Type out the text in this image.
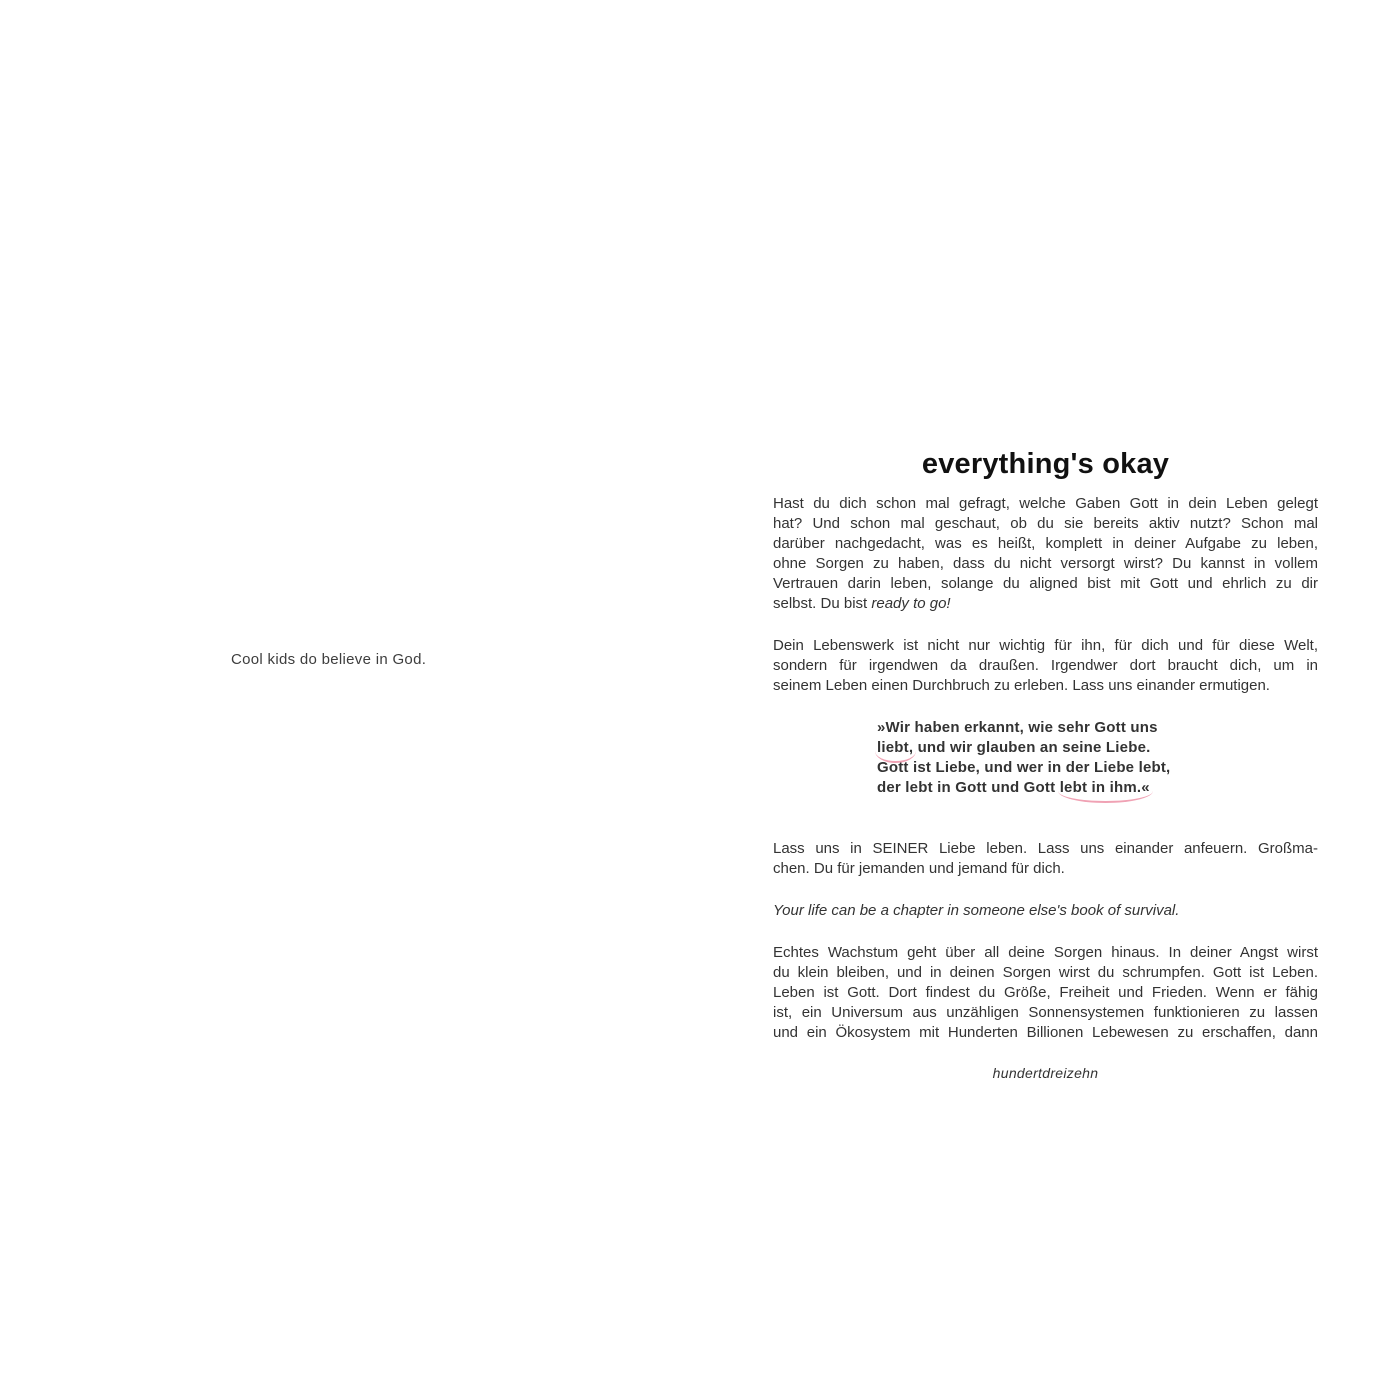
Cool kids do believe in God.
everything's okay
Hast du dich schon mal gefragt, welche Gaben Gott in dein Leben gelegt
hat? Und schon mal geschaut, ob du sie bereits aktiv nutzt? Schon mal
darüber nachgedacht, was es heißt, komplett in deiner Aufgabe zu leben,
ohne Sorgen zu haben, dass du nicht versorgt wirst? Du kannst in vollem
Vertrauen darin leben, solange du aligned bist mit Gott und ehrlich zu dir
selbst. Du bist ready to go!
Dein Lebenswerk ist nicht nur wichtig für ihn, für dich und für diese Welt,
sondern für irgendwen da draußen. Irgendwer dort braucht dich, um in
seinem Leben einen Durchbruch zu erleben. Lass uns einander ermutigen.
»Wir haben erkannt, wie sehr Gott uns
liebt, und wir glauben an seine Liebe.
Gott ist Liebe, und wer in der Liebe lebt,
der lebt in Gott und Gott lebt in ihm.«
Lass uns in SEINER Liebe leben. Lass uns einander anfeuern. Großma-
chen. Du für jemanden und jemand für dich.
Your life can be a chapter in someone else's book of survival.
Echtes Wachstum geht über all deine Sorgen hinaus. In deiner Angst wirst
du klein bleiben, und in deinen Sorgen wirst du schrumpfen. Gott ist Leben.
Leben ist Gott. Dort findest du Größe, Freiheit und Frieden. Wenn er fähig
ist, ein Universum aus unzähligen Sonnensystemen funktionieren zu lassen
und ein Ökosystem mit Hunderten Billionen Lebewesen zu erschaffen, dann
hundertdreizehn
